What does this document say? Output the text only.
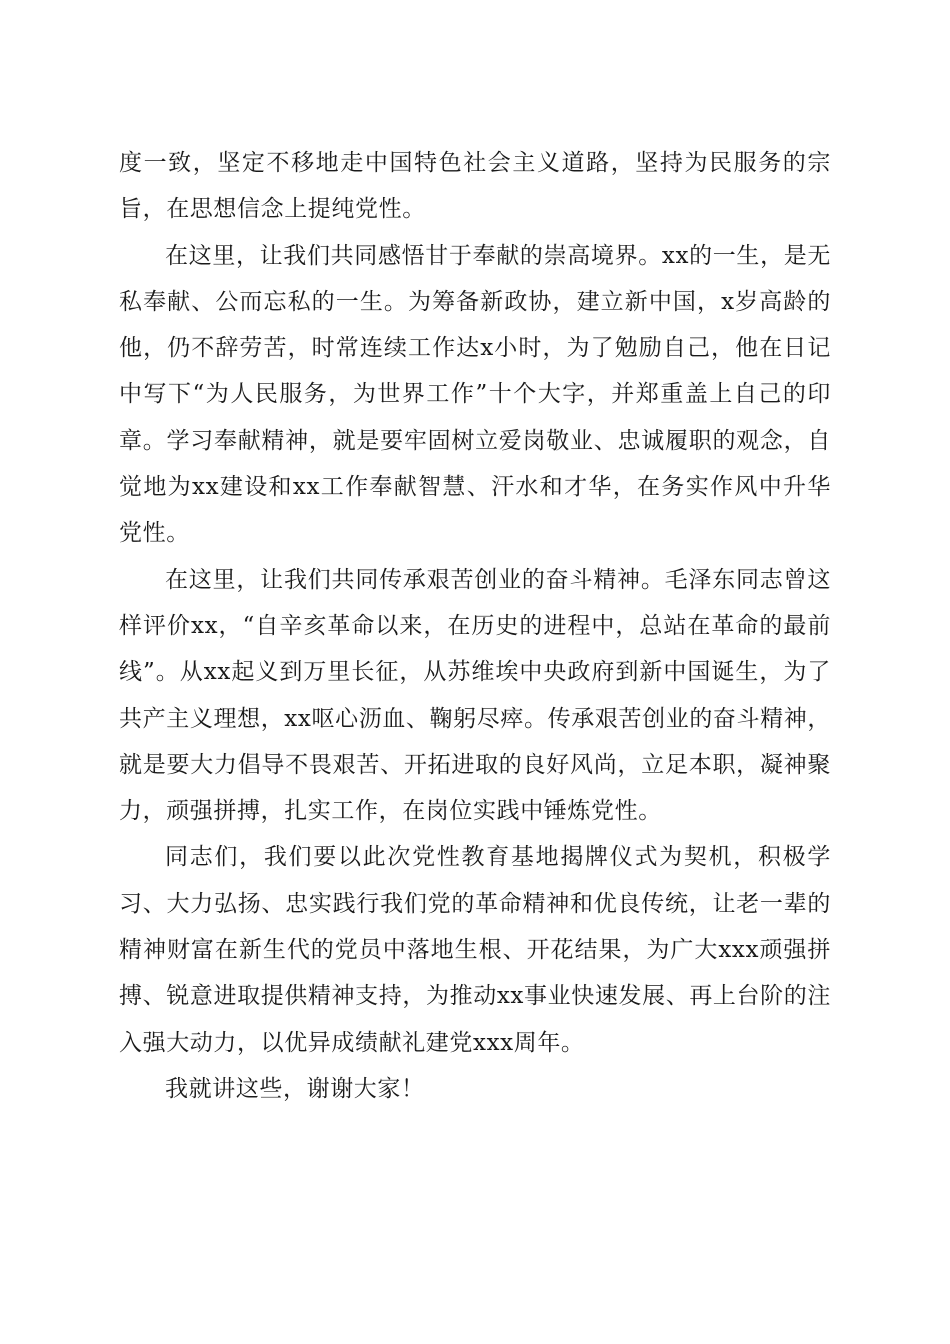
度一致，坚定不移地走中国特色社会主义道路，坚持为民服务的宗旨，在思想信念上提纯党性。

在这里，让我们共同感悟甘于奉献的崇高境界。xx的一生，是无私奉献、公而忘私的一生。为筹备新政协，建立新中国，x岁高龄的他，仍不辞劳苦，时常连续工作达x小时，为了勉励自己，他在日记中写下“为人民服务，为世界工作”十个大字，并郑重盖上自己的印章。学习奉献精神，就是要牢固树立爱岗敬业、忠诚履职的观念，自觉地为xx建设和xx工作奉献智慧、汗水和才华，在务实作风中升华党性。

在这里，让我们共同传承艰苦创业的奋斗精神。毛泽东同志曾这样评价xx，“自辛亥革命以来，在历史的进程中，总站在革命的最前线”。从xx起义到万里长征，从苏维埃中央政府到新中国诞生，为了共产主义理想，xx呕心沥血、鞠躬尽瘁。传承艰苦创业的奋斗精神，就是要大力倡导不畏艰苦、开拓进取的良好风尚，立足本职，凝神聚力，顽强拼搏，扎实工作，在岗位实践中锤炼党性。

同志们，我们要以此次党性教育基地揭牌仪式为契机，积极学习、大力弘扬、忠实践行我们党的革命精神和优良传统，让老一辈的精神财富在新生代的党员中落地生根、开花结果，为广大xxx顽强拼搏、锐意进取提供精神支持，为推动xx事业快速发展、再上台阶的注入强大动力，以优异成绩献礼建党xxx周年。

我就讲这些，谢谢大家！
